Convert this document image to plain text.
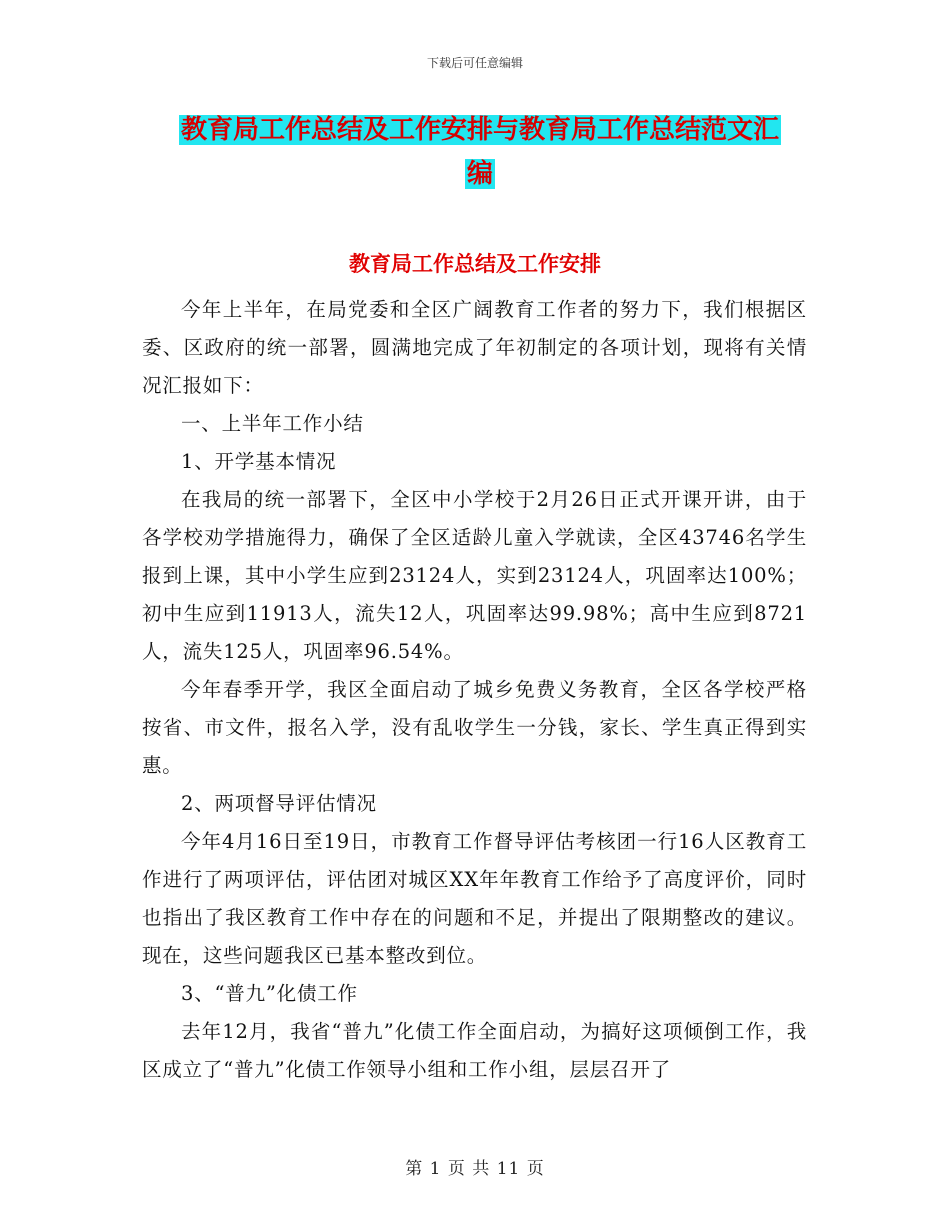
下载后可任意编辑
教育局工作总结及工作安排与教育局工作总结范文汇
编
教育局工作总结及工作安排

今年上半年，在局党委和全区广阔教育工作者的努力下，我们根据区委、区政府的统一部署，圆满地完成了年初制定的各项计划，现将有关情况汇报如下：

一、上半年工作小结

1、开学基本情况

在我局的统一部署下，全区中小学校于2月26日正式开课开讲，由于各学校劝学措施得力，确保了全区适龄儿童入学就读，全区43746名学生报到上课，其中小学生应到23124人，实到23124人，巩固率达100%；初中生应到11913人，流失12人，巩固率达99.98%；高中生应到8721人，流失125人，巩固率96.54%。

今年春季开学，我区全面启动了城乡免费义务教育，全区各学校严格按省、市文件，报名入学，没有乱收学生一分钱，家长、学生真正得到实惠。

2、两项督导评估情况

今年4月16日至19日，市教育工作督导评估考核团一行16人区教育工作进行了两项评估，评估团对城区XX年年教育工作给予了高度评价，同时也指出了我区教育工作中存在的问题和不足，并提出了限期整改的建议。现在，这些问题我区已基本整改到位。

3、“普九”化债工作

去年12月，我省“普九”化债工作全面启动，为搞好这项倾倒工作，我区成立了“普九”化债工作领导小组和工作小组，层层召开了

第 1 页 共 11 页
